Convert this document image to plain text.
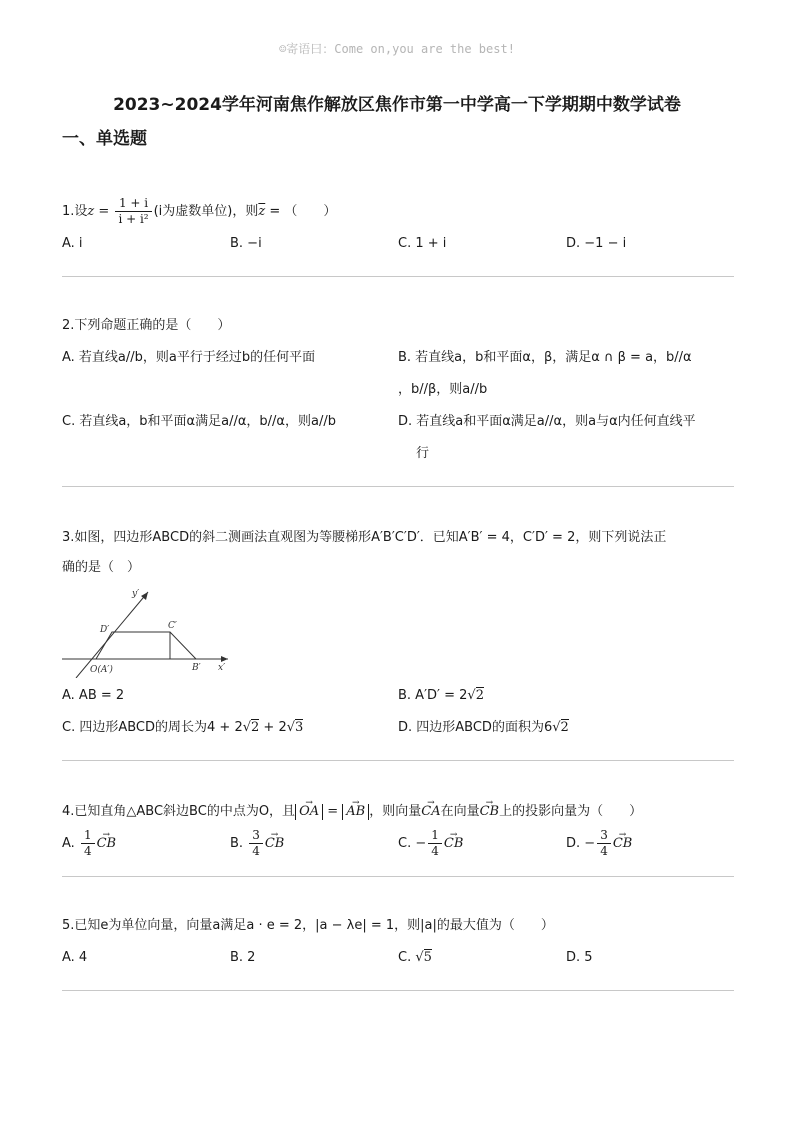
☺寄语曰：Come on,you are the best!
2023~2024学年河南焦作解放区焦作市第一中学高一下学期期中数学试卷
一、单选题
1.设$z = \frac{1 + i}{\text{i + i²}} (i$为虚数单位)，则$\overline{z}$ = （　　）
A. i	B. −i	C. 1 + i	D. −1 − i
2.下列命题正确的是（　　）
A. 若直线a//b，则a平行于经过b的任何平面	B. 若直线a，b和平面α，β，满足α ∩ β = a，b//α
，b//β，则a//b
C. 若直线a，b和平面α满足a//α，b//α，则a//b	D. 若直线a和平面α满足a//α，则a与α内任何直线平
行
3.如图，四边形ABCD的斜二测画法直观图为等腰梯形A′B′C′D′．已知A′B′ = 4，C′D′ = 2，则下列说法正
确的是（　）
y′
D′	C′
O(A′)	B′ x′
A. AB = 2	B. A′D′ = 2√2
C. 四边形ABCD的周长为4 + 2√2 + 2√3	D. 四边形ABCD的面积为6√2
4.已知直角△ABC斜边BC的中点为O，且 → OA = → AB ，则向量→ CA在向量→ CB上的投影向量为（　　）
A. $\frac{1}{4}$ → CB	B. $\frac{3}{4}$ → CB	C. − $\frac{1}{4}$ → CB	D. − $\frac{3}{4}$ → CB
5.已知e为单位向量，向量a满足a · e = 2，|a − λe| = 1，则|a|的最大值为（　　）
A. 4	B. 2	C. √5	D. 5
